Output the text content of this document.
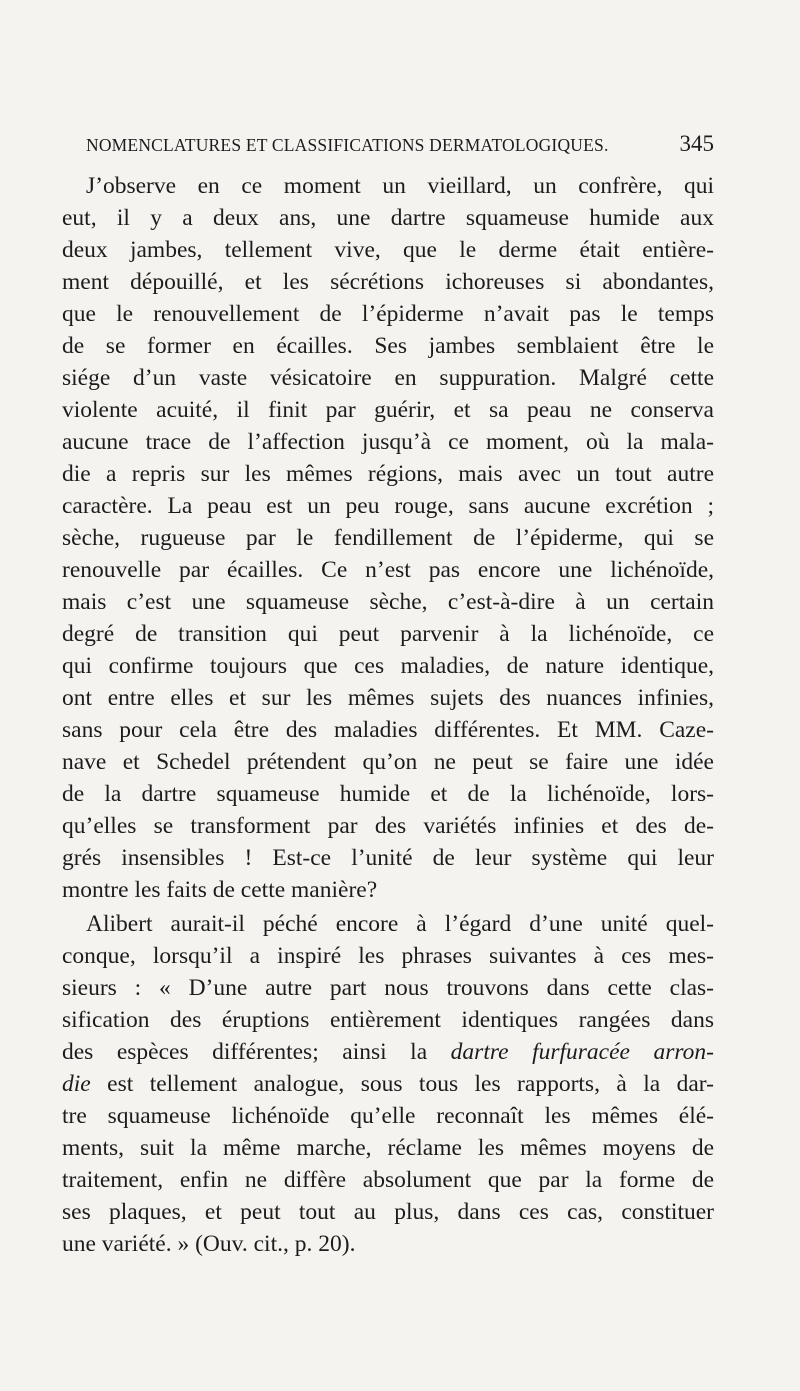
NOMENCLATURES ET CLASSIFICATIONS DERMATOLOGIQUES.	345
J’observe en ce moment un vieillard, un confrère, qui
eut, il y a deux ans, une dartre squameuse humide aux
deux jambes, tellement vive, que le derme était entière-
ment dépouillé, et les sécrétions ichoreuses si abondantes,
que le renouvellement de l’épiderme n’avait pas le temps
de se former en écailles. Ses jambes semblaient être le
siége d’un vaste vésicatoire en suppuration. Malgré cette
violente acuité, il finit par guérir, et sa peau ne conserva
aucune trace de l’affection jusqu’à ce moment, où la mala-
die a repris sur les mêmes régions, mais avec un tout autre
caractère. La peau est un peu rouge, sans aucune excrétion ;
sèche, rugueuse par le fendillement de l’épiderme, qui se
renouvelle par écailles. Ce n’est pas encore une lichénoïde,
mais c’est une squameuse sèche, c’est-à-dire à un certain
degré de transition qui peut parvenir à la lichénoïde, ce
qui confirme toujours que ces maladies, de nature identique,
ont entre elles et sur les mêmes sujets des nuances infinies,
sans pour cela être des maladies différentes. Et MM. Caze-
nave et Schedel prétendent qu’on ne peut se faire une idée
de la dartre squameuse humide et de la lichénoïde, lors-
qu’elles se transforment par des variétés infinies et des de-
grés insensibles ! Est-ce l’unité de leur système qui leur
montre les faits de cette manière?
Alibert aurait-il péché encore à l’égard d’une unité quel-
conque, lorsqu’il a inspiré les phrases suivantes à ces mes-
sieurs : « D’une autre part nous trouvons dans cette clas-
sification des éruptions entièrement identiques rangées dans
des espèces différentes; ainsi la dartre furfuracée arron-
die est tellement analogue, sous tous les rapports, à la dar-
tre squameuse lichénoïde qu’elle reconnaît les mêmes élé-
ments, suit la même marche, réclame les mêmes moyens de
traitement, enfin ne diffère absolument que par la forme de
ses plaques, et peut tout au plus, dans ces cas, constituer
une variété. » (Ouv. cit., p. 20).
